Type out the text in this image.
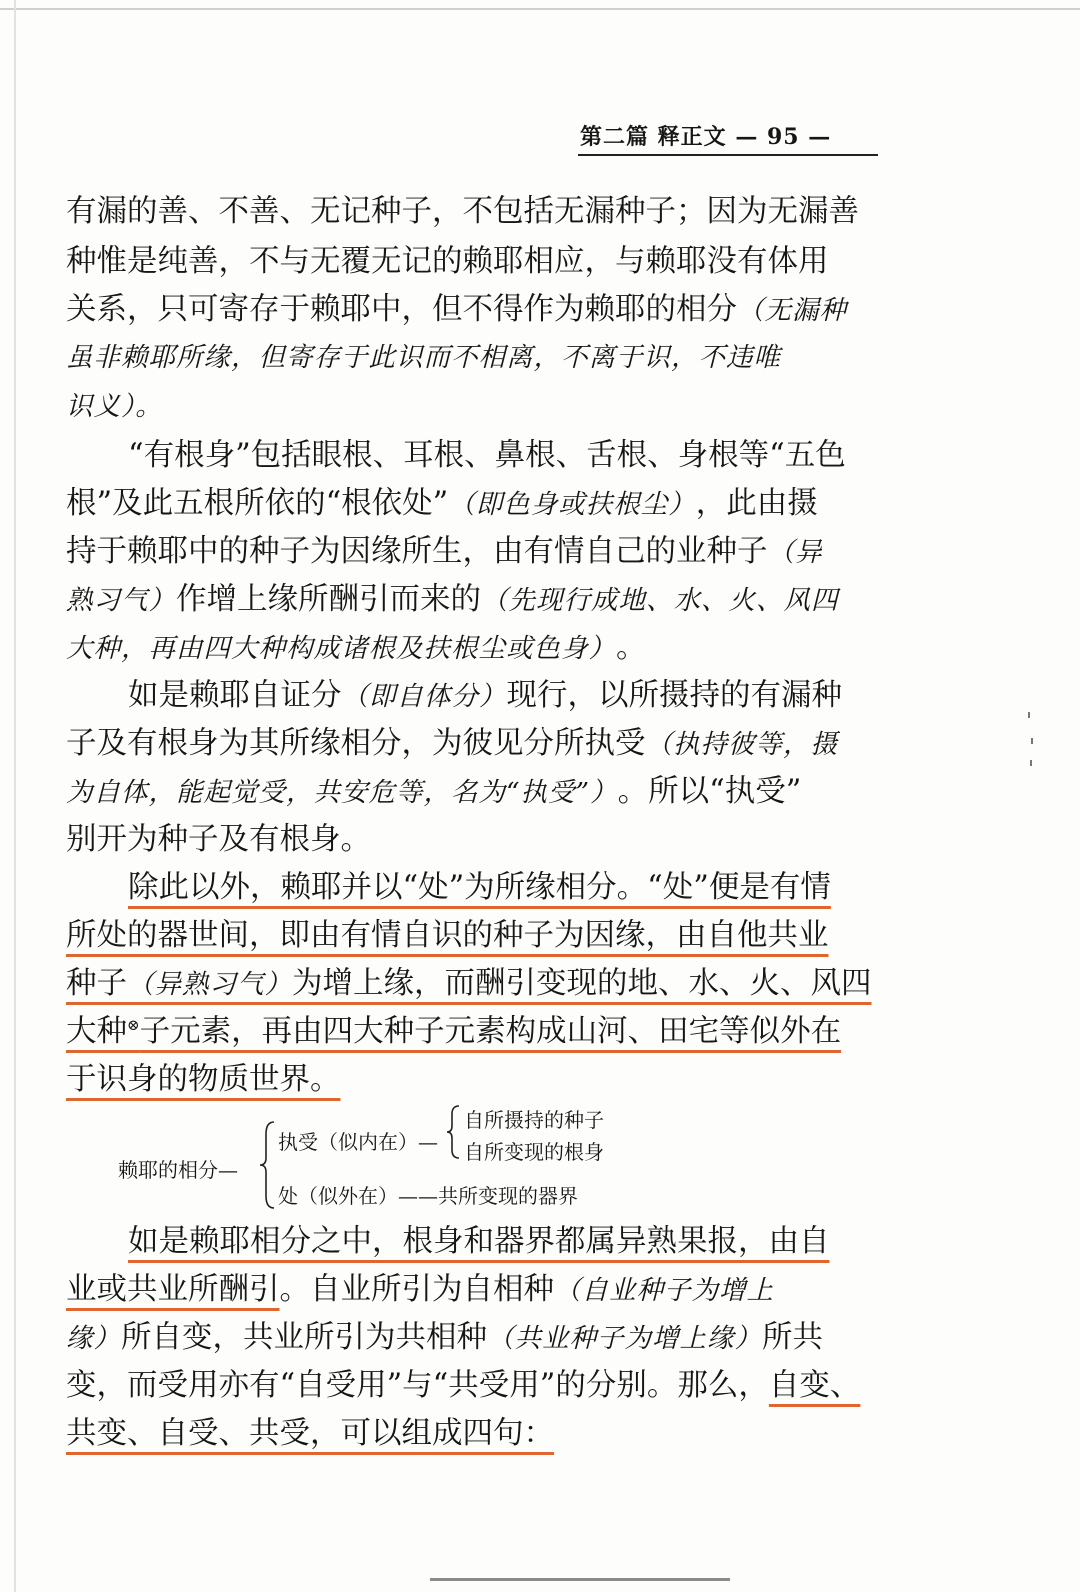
第二篇 释正文 — 95 —
有漏的善、不善、无记种子，不包括无漏种子；因为无漏善
种惟是纯善，不与无覆无记的赖耶相应，与赖耶没有体用
关系，只可寄存于赖耶中，但不得作为赖耶的相分（无漏种
虽非赖耶所缘，但寄存于此识而不相离，不离于识，不违唯
识义）。
“有根身”包括眼根、耳根、鼻根、舌根、身根等“五色
根”及此五根所依的“根依处”（即色身或扶根尘），此由摄
持于赖耶中的种子为因缘所生，由有情自己的业种子（异
熟习气）作增上缘所酬引而来的（先现行成地、水、火、风四
大种，再由四大种构成诸根及扶根尘或色身）。
如是赖耶自证分（即自体分）现行，以所摄持的有漏种
子及有根身为其所缘相分，为彼见分所执受（执持彼等，摄
为自体，能起觉受，共安危等，名为“执受”）。所以“执受”
别开为种子及有根身。
除此以外，赖耶并以“处”为所缘相分。“处”便是有情
所处的器世间，即由有情自识的种子为因缘，由自他共业
种子（异熟习气）为增上缘，而酬引变现的地、水、火、风四
大种⊗子元素，再由四大种子元素构成山河、田宅等似外在
于识身的物质世界。
赖耶的相分—
执受（似内在）—
自所摄持的种子
自所变现的根身
处（似外在）——共所变现的器界
如是赖耶相分之中，根身和器界都属异熟果报，由自
业或共业所酬引。自业所引为自相种（自业种子为增上
缘）所自变，共业所引为共相种（共业种子为增上缘）所共
变，而受用亦有“自受用”与“共受用”的分别。那么，自变、
共变、自受、共受，可以组成四句：
